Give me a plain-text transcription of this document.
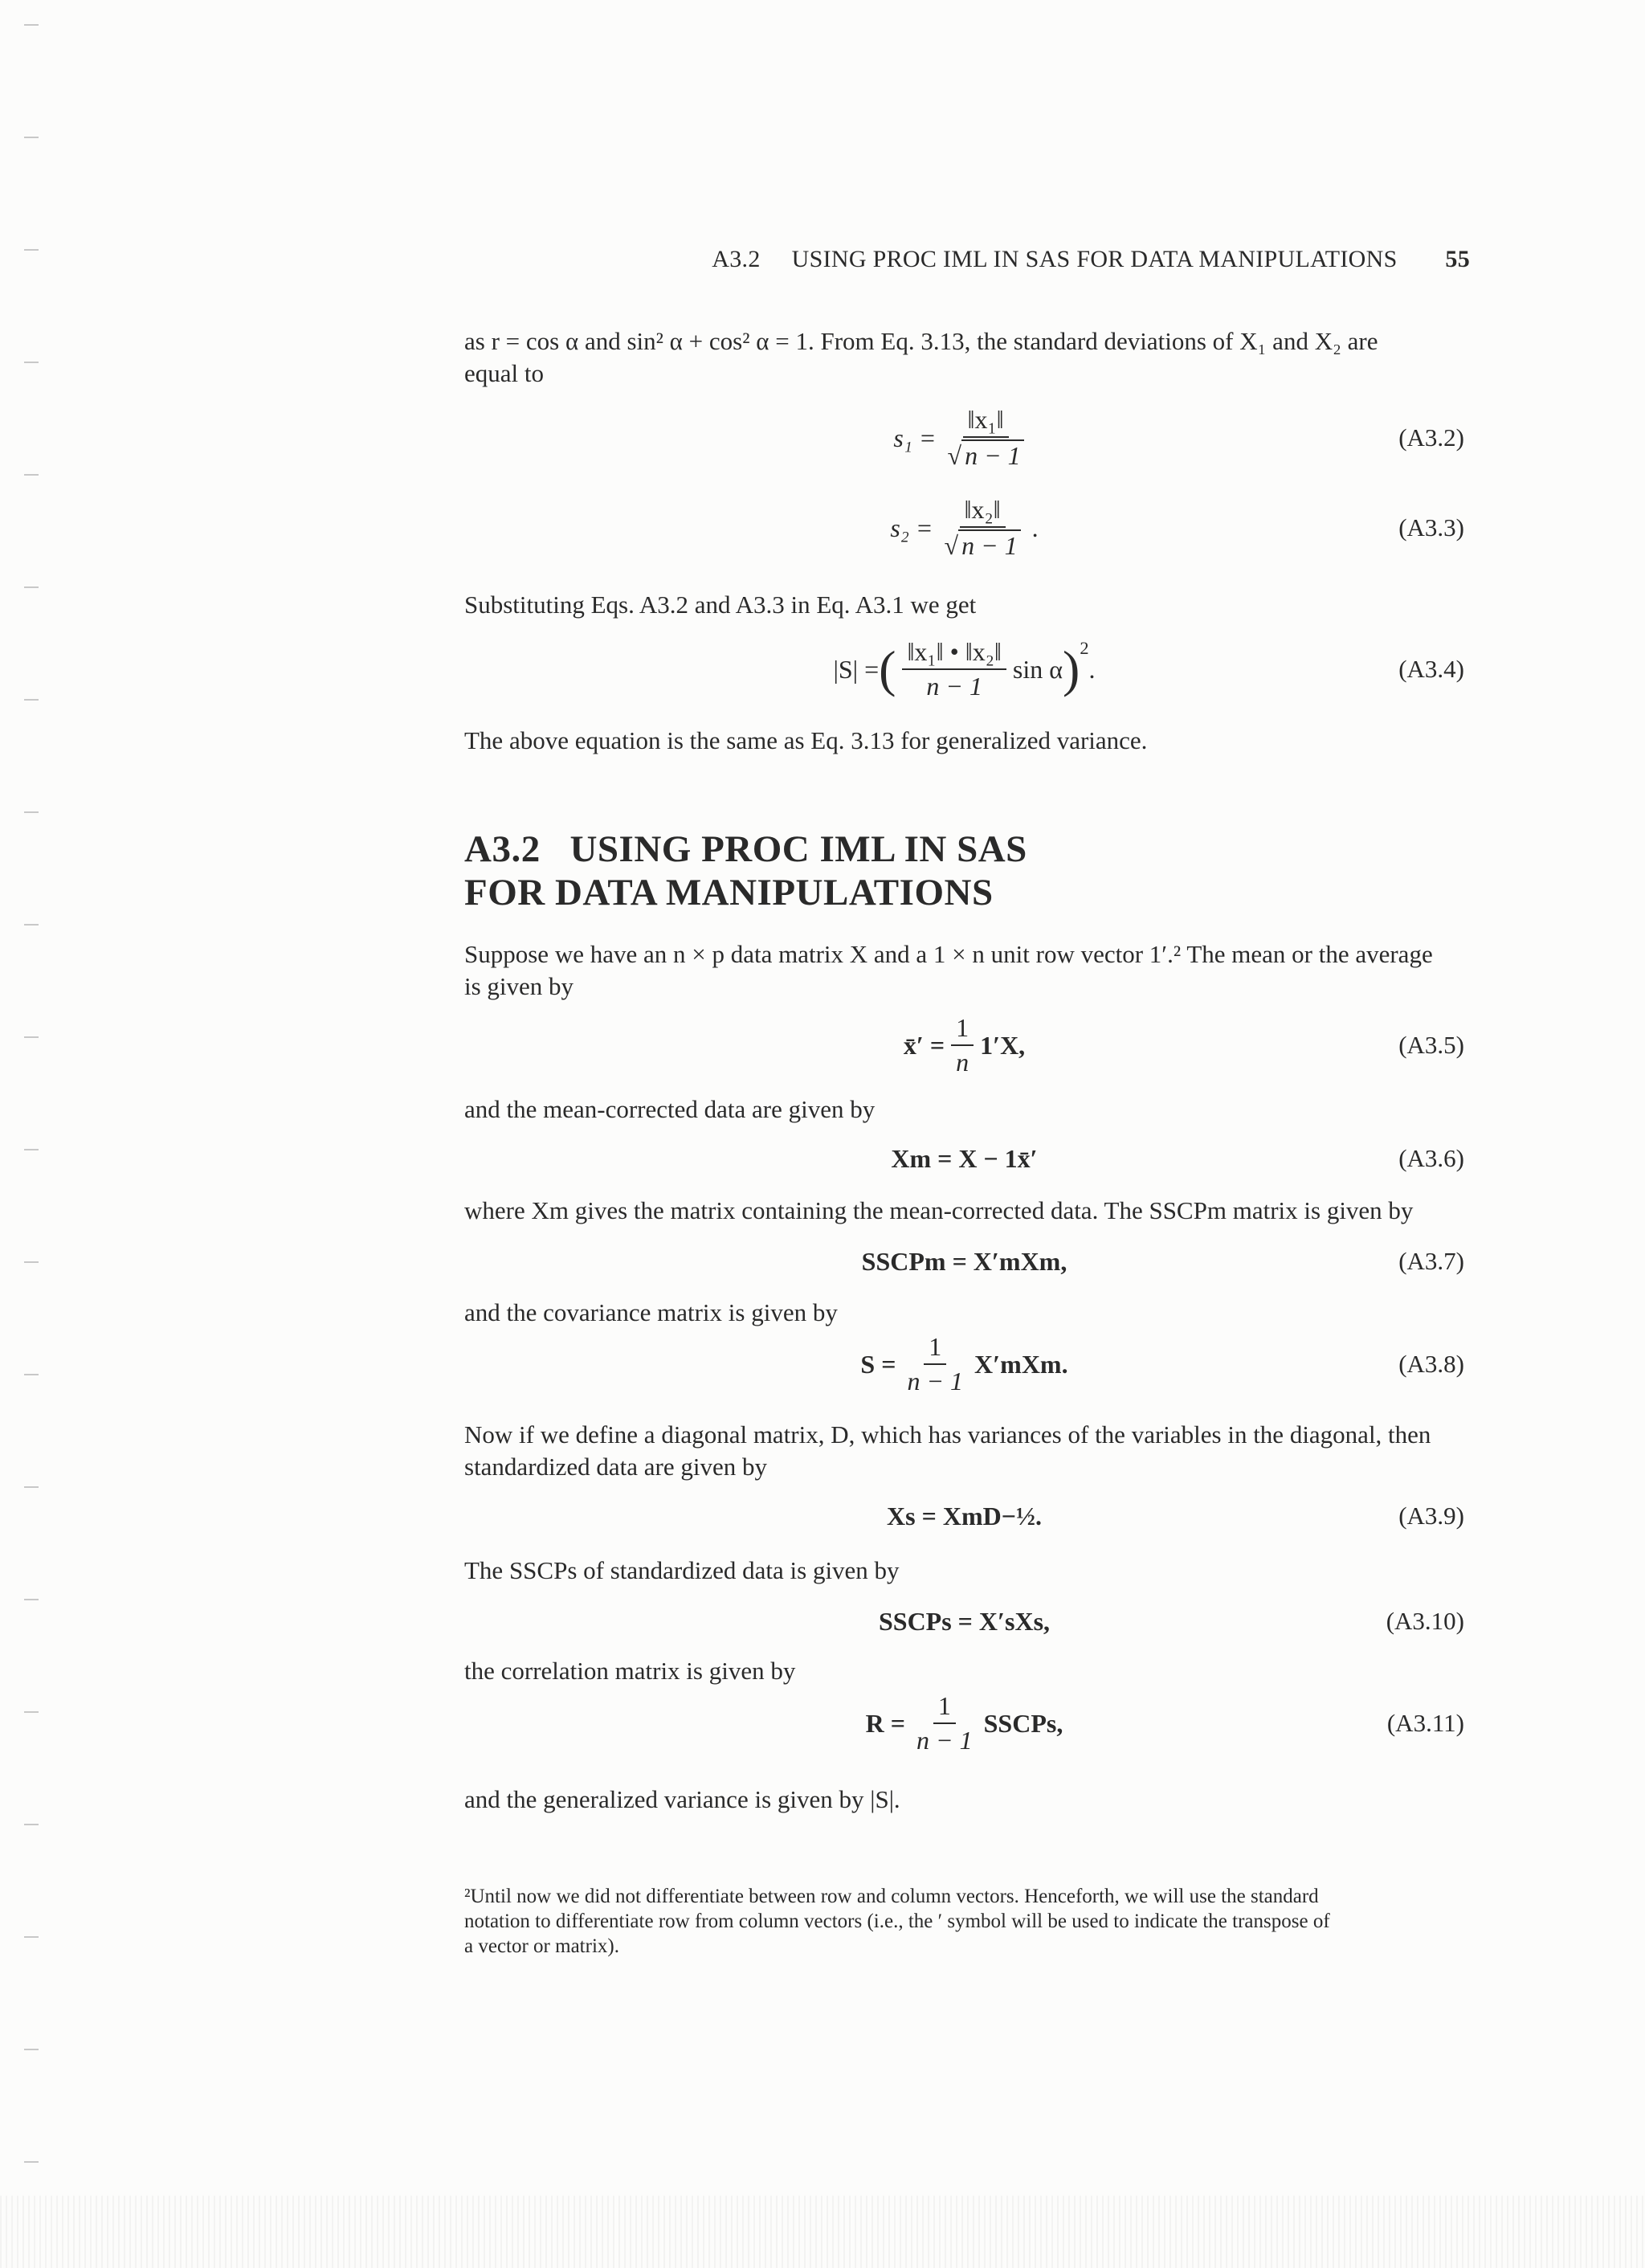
A3.2 USING PROC IML IN SAS FOR DATA MANIPULATIONS 55

as r = cos α and sin² α + cos² α = 1. From Eq. 3.13, the standard deviations of X₁ and X₂ are

equal to

$s_1 = \frac{\text{‖x₁‖}}{√ n - 1}$	(A3.2)
$s_2 = \frac{\text{‖x₂‖}}{√ n - 1}$ .	(A3.3)

Substituting Eqs. A3.2 and A3.3 in Eq. A3.1 we get

|S| = ( $\frac{\text{‖x₁‖ • ‖x₂‖}}{n - 1}$ sin α )$^2$
.	(A3.4)

The above equation is the same as Eq. 3.13 for generalized variance.

A3.2   USING PROC IML IN SAS
FOR DATA MANIPULATIONS

Suppose we have an n × p data matrix X and a 1 × n unit row vector 1′.² The mean or the average

is given by

x̄′ = $\frac{1}{n} 1'X$,	(A3.5)

and the mean-corrected data are given by

Xm = X − 1x̄′	(A3.6)

where Xm gives the matrix containing the mean-corrected data. The SSCPm matrix is given by

SSCPm = X′mXm,	(A3.7)

and the covariance matrix is given by

$S = \frac{1}{n - 1} X'mXm$.	(A3.8)

Now if we define a diagonal matrix, D, which has variances of the variables in the diagonal, then

standardized data are given by

Xs = XmD−½.	(A3.9)

The SSCPs of standardized data is given by

SSCPs = X′sXs,	(A3.10)

the correlation matrix is given by

$R = \frac{1}{n - 1}$ SSCPs,	(A3.11)

and the generalized variance is given by |S|.

²Until now we did not differentiate between row and column vectors. Henceforth, we will use the standard
notation to differentiate row from column vectors (i.e., the ′ symbol will be used to indicate the transpose of
a vector or matrix).
